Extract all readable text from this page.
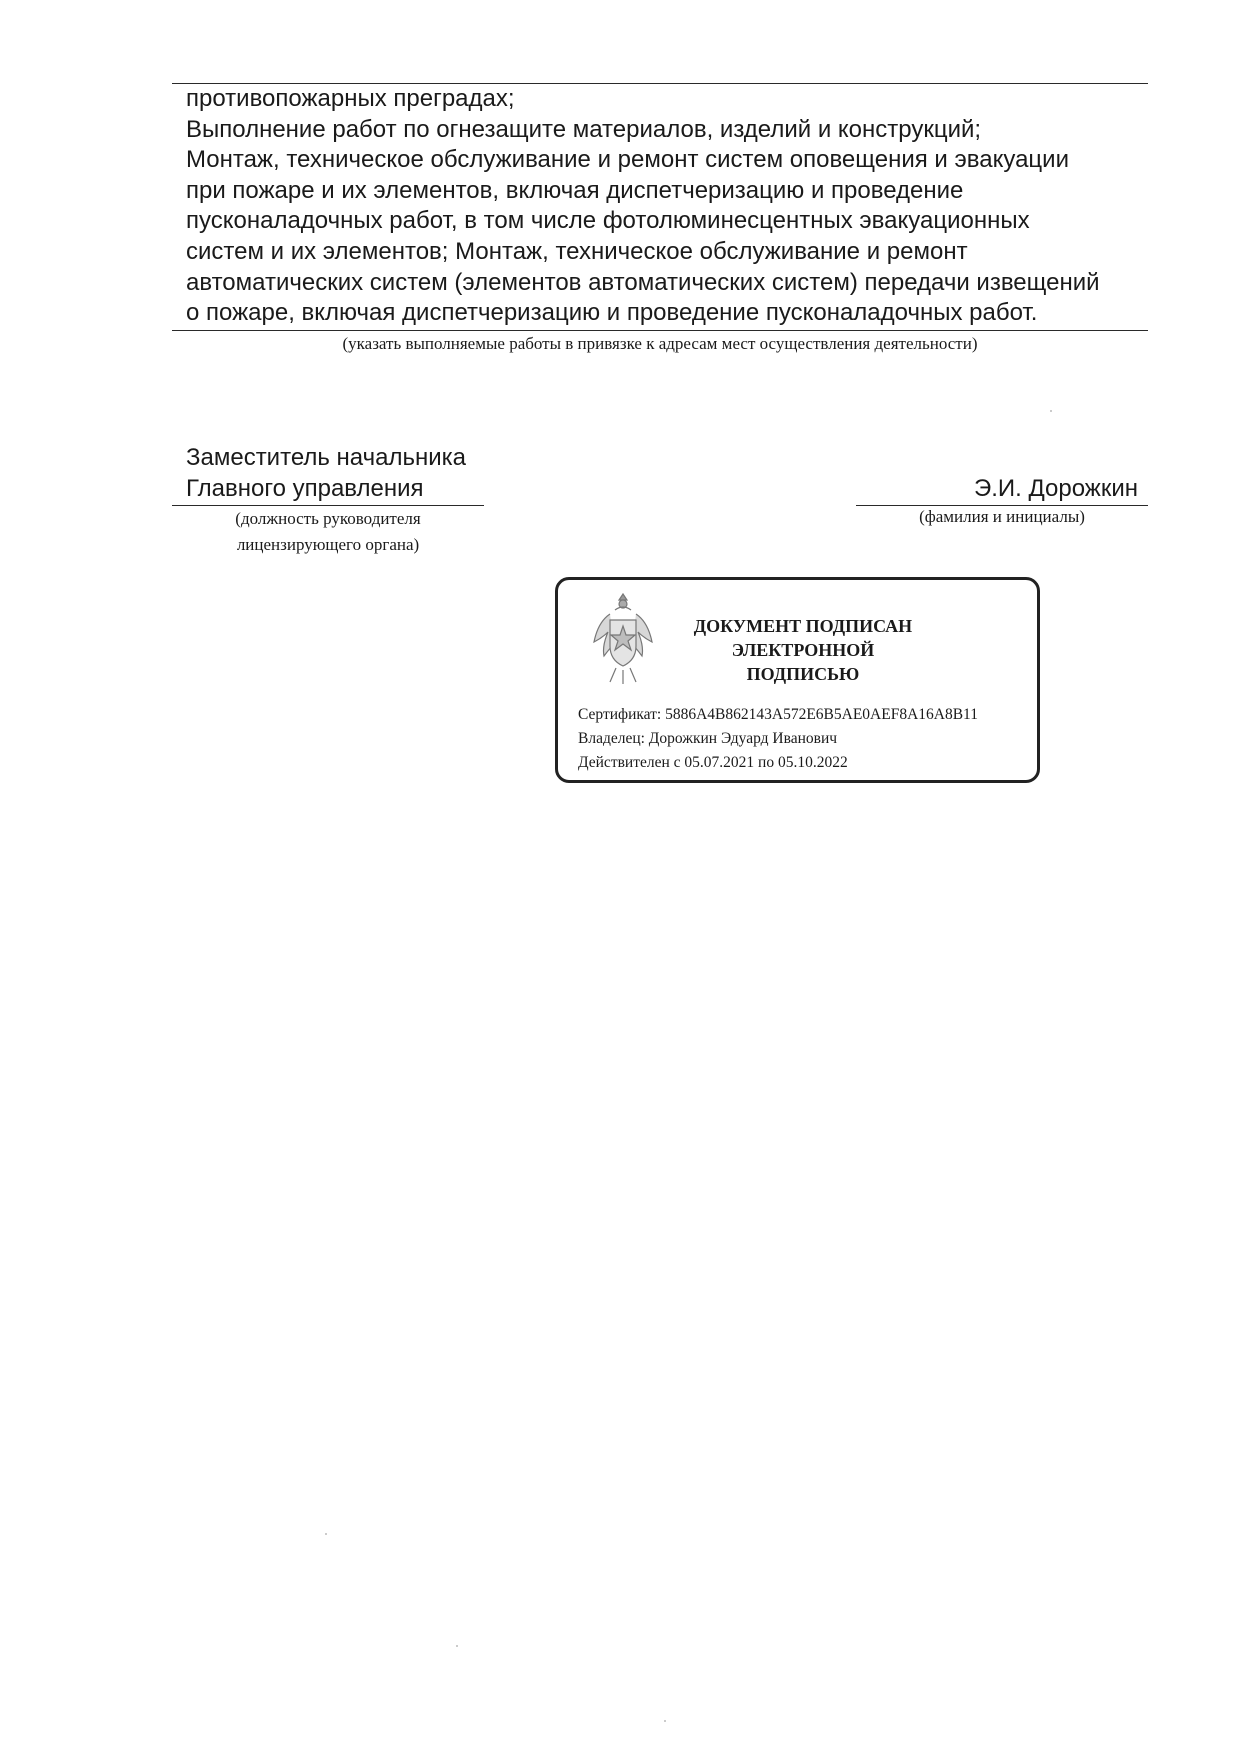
противопожарных преградах;
Выполнение работ по огнезащите материалов, изделий и конструкций;
Монтаж, техническое обслуживание и ремонт систем оповещения и эвакуации
при пожаре и их элементов, включая диспетчеризацию и проведение
пусконаладочных работ, в том числе фотолюминесцентных эвакуационных
систем и их элементов; Монтаж, техническое обслуживание и ремонт
автоматических систем (элементов автоматических систем) передачи извещений
о пожаре, включая диспетчеризацию и проведение пусконаладочных работ.
(указать выполняемые работы в привязке к адресам мест осуществления деятельности)
Заместитель начальника
Главного управления
(должность руководителя
лицензирующего органа)
Э.И. Дорожкин
(фамилия и инициалы)
ДОКУМЕНТ ПОДПИСАН
ЭЛЕКТРОННОЙ ПОДПИСЬЮ
Сертификат: 5886A4B862143A572E6B5AE0AEF8A16A8B11
Владелец: Дорожкин Эдуард Иванович
Действителен с 05.07.2021 по 05.10.2022
